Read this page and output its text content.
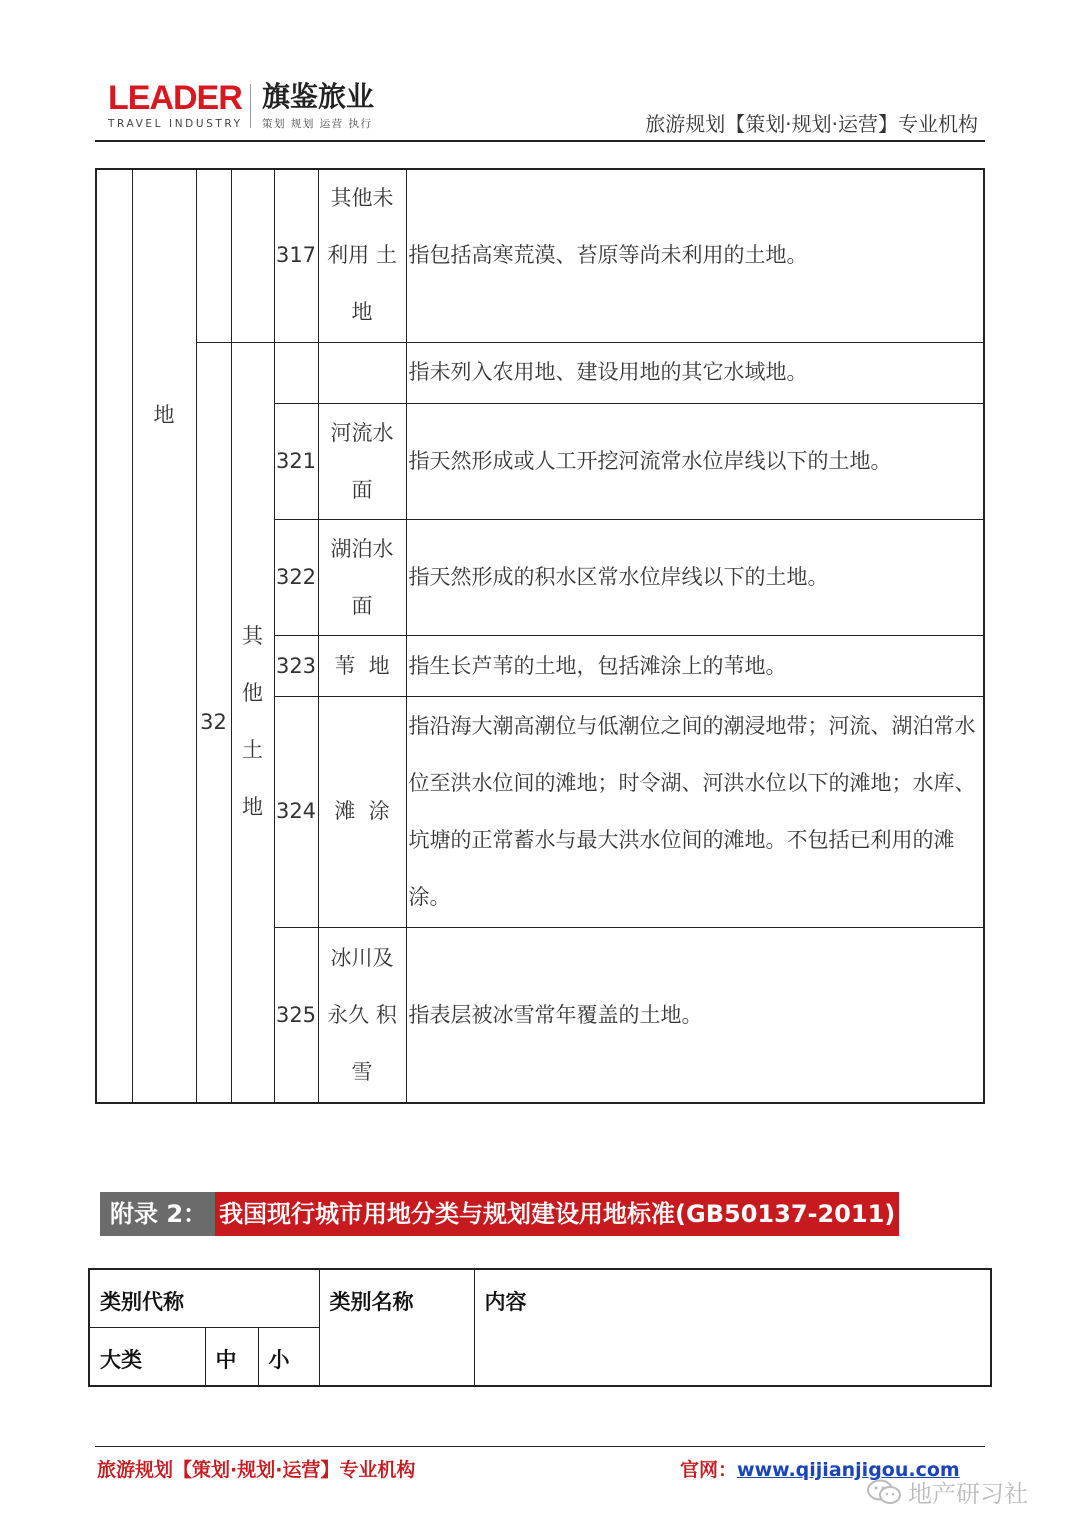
LEADER
TRAVEL INDUSTRY
旗鉴旅业
策划 规划 运营 执行	旅游规划【策划·规划·运营】专业机构
	地			317	其他未利用 土地	指包括高寒荒漠、苔原等尚未利用的土地。
		32	其他土地			指未列入农用地、建设用地的其它水域地。
				321	河流水面	指天然形成或人工开挖河流常水位岸线以下的土地。
				322	湖泊水面	指天然形成的积水区常水位岸线以下的土地。
				323	苇  地	指生长芦苇的土地，包括滩涂上的苇地。
				324	滩  涂	指沿海大潮高潮位与低潮位之间的潮浸地带；河流、湖泊常水位至洪水位间的滩地；时令湖、河洪水位以下的滩地；水库、坑塘的正常蓄水与最大洪水位间的滩地。不包括已利用的滩涂。
				325	冰川及永久 积雪	指表层被冰雪常年覆盖的土地。
附录 2： 我国现行城市用地分类与规划建设用地标准(GB50137-2011)
类别代称			类别名称	内容
大类	中	小		
旅游规划【策划·规划·运营】专业机构	官网：www.qijianjigou.com
地产研习社
